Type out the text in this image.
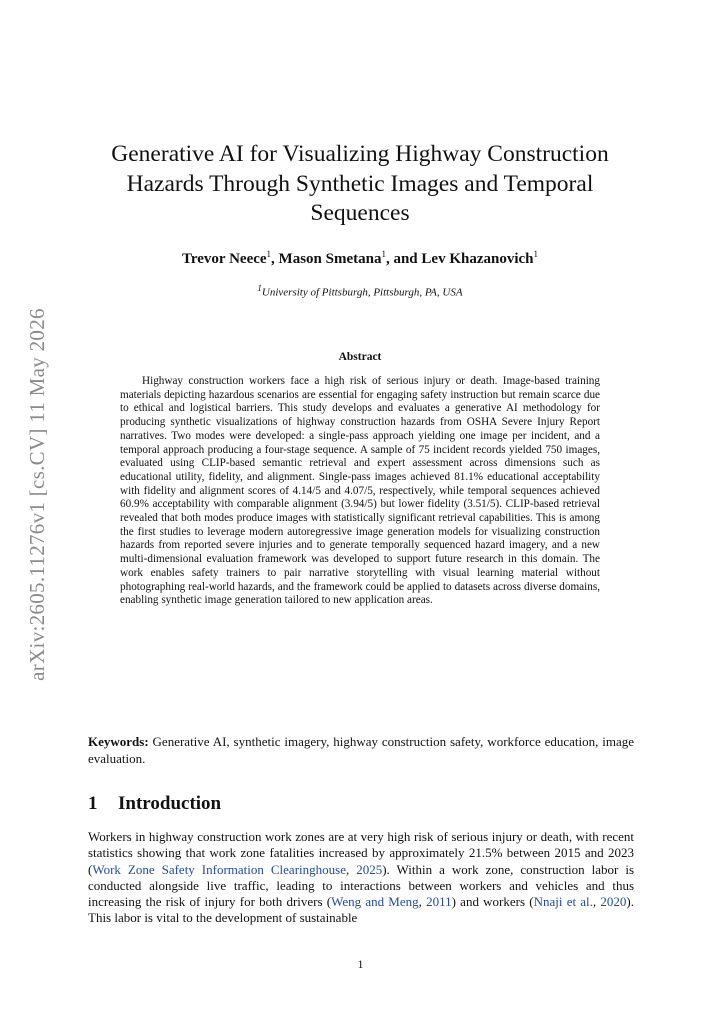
arXiv:2605.11276v1 [cs.CV] 11 May 2026
Generative AI for Visualizing Highway Construction Hazards Through Synthetic Images and Temporal Sequences
Trevor Neece$^1$, Mason Smetana$^1$, and Lev Khazanovich$^1$
$^1$University of Pittsburgh, Pittsburgh, PA, USA
Abstract

Highway construction workers face a high risk of serious injury or death. Image-based training materials depicting hazardous scenarios are essential for engaging safety instruction but remain scarce due to ethical and logistical barriers. This study develops and evaluates a generative AI methodology for producing synthetic visualizations of highway construction hazards from OSHA Severe Injury Report narratives. Two modes were developed: a single-pass approach yielding one image per incident, and a temporal approach producing a four-stage sequence. A sample of 75 incident records yielded 750 images, evaluated using CLIP-based semantic retrieval and expert assessment across dimensions such as educational utility, fidelity, and alignment. Single-pass images achieved 81.1% educational acceptability with fidelity and alignment scores of 4.14/5 and 4.07/5, respectively, while temporal sequences achieved 60.9% acceptability with comparable alignment (3.94/5) but lower fidelity (3.51/5). CLIP-based retrieval revealed that both modes produce images with statistically significant retrieval capabilities. This is among the first studies to leverage modern autoregressive image generation models for visualizing construction hazards from reported severe injuries and to generate temporally sequenced hazard imagery, and a new multi-dimensional evaluation framework was developed to support future research in this domain. The work enables safety trainers to pair narrative storytelling with visual learning material without photographing real-world hazards, and the framework could be applied to datasets across diverse domains, enabling synthetic image generation tailored to new application areas.

Keywords: Generative AI, synthetic imagery, highway construction safety, workforce education, image evaluation.

1 Introduction

Workers in highway construction work zones are at very high risk of serious injury or death, with recent statistics showing that work zone fatalities increased by approximately 21.5% between 2015 and 2023 (Work Zone Safety Information Clearinghouse, 2025). Within a work zone, construction labor is conducted alongside live traffic, leading to interactions between workers and vehicles and thus increasing the risk of injury for both drivers (Weng and Meng, 2011) and workers (Nnaji et al., 2020). This labor is vital to the development of sustainable

1
